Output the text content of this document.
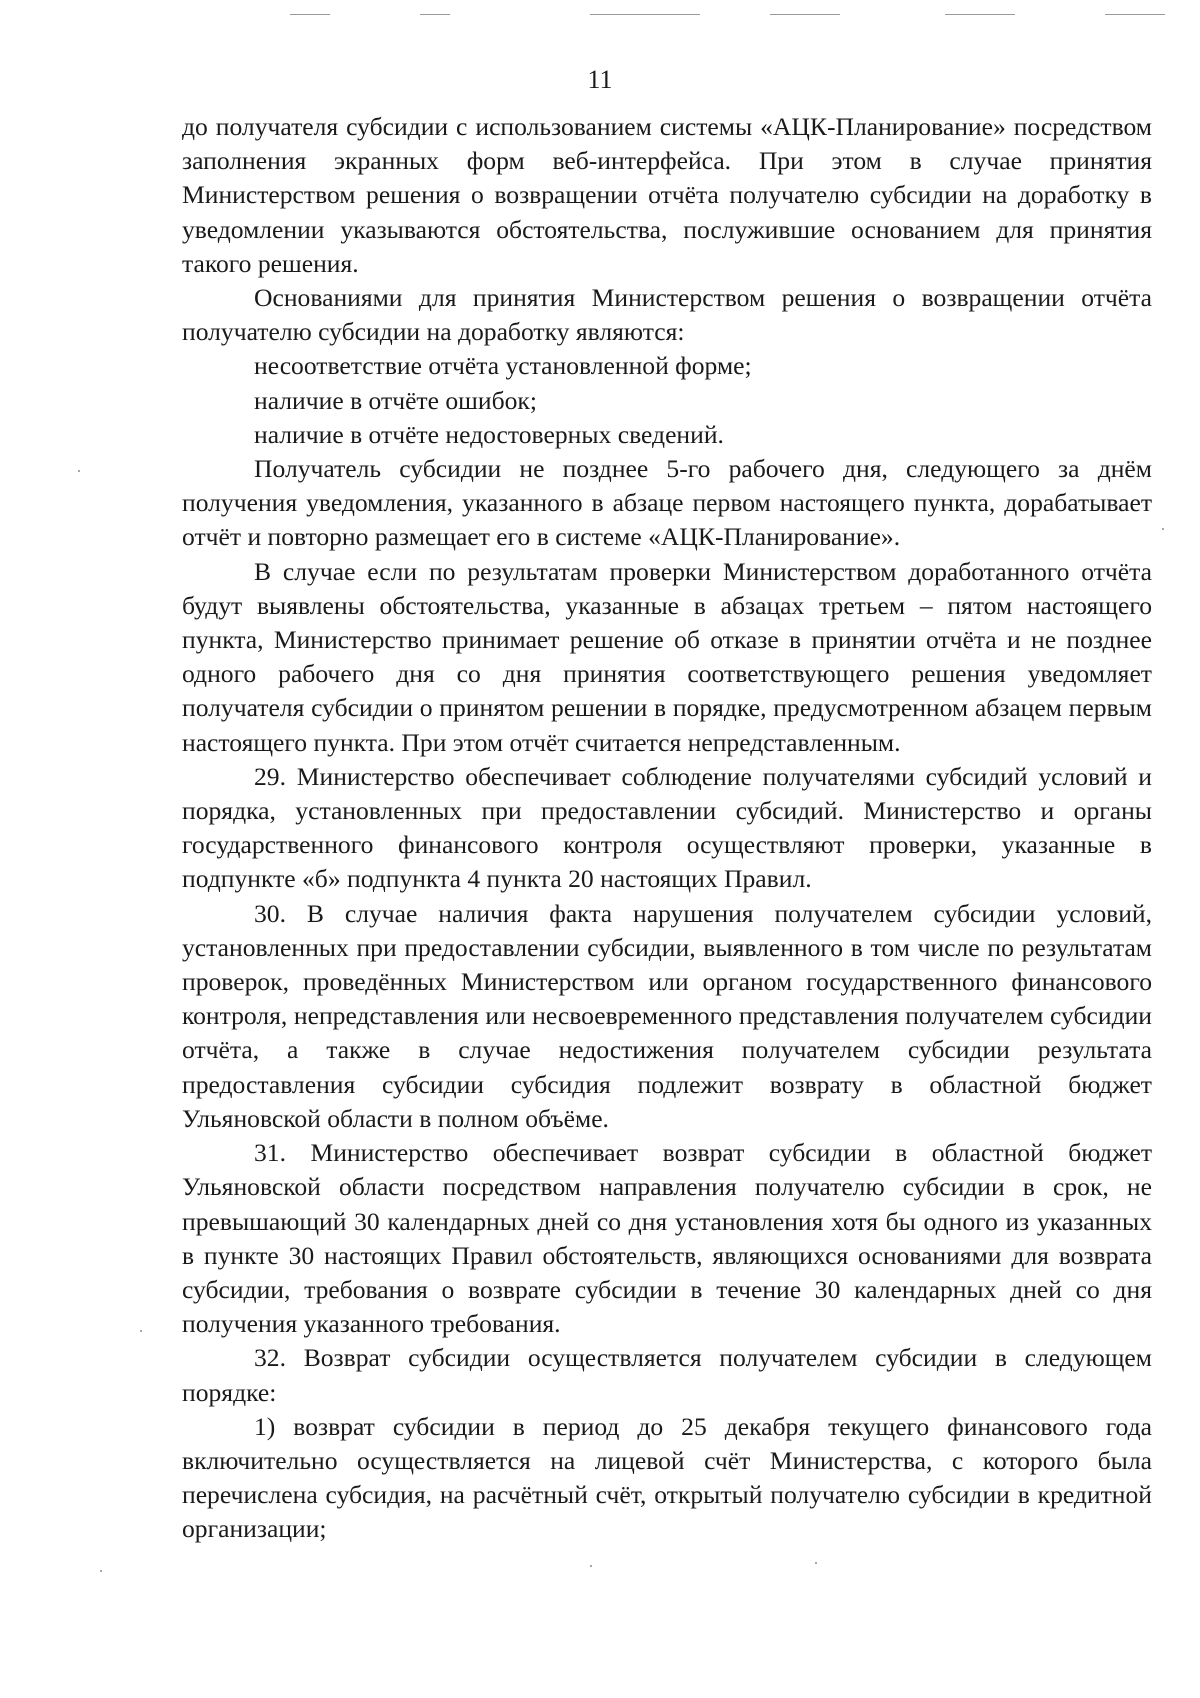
11

до получателя субсидии с использованием системы «АЦК-Планирование» посредством заполнения экранных форм веб-интерфейса. При этом в случае принятия Министерством решения о возвращении отчёта получателю субсидии на доработку в уведомлении указываются обстоятельства, послужившие основанием для принятия такого решения.

Основаниями для принятия Министерством решения о возвращении отчёта получателю субсидии на доработку являются:

несоответствие отчёта установленной форме;

наличие в отчёте ошибок;

наличие в отчёте недостоверных сведений.

Получатель субсидии не позднее 5-го рабочего дня, следующего за днём получения уведомления, указанного в абзаце первом настоящего пункта, дорабатывает отчёт и повторно размещает его в системе «АЦК-Планирование».

В случае если по результатам проверки Министерством доработанного отчёта будут выявлены обстоятельства, указанные в абзацах третьем – пятом настоящего пункта, Министерство принимает решение об отказе в принятии отчёта и не позднее одного рабочего дня со дня принятия соответствующего решения уведомляет получателя субсидии о принятом решении в порядке, предусмотренном абзацем первым настоящего пункта. При этом отчёт считается непредставленным.

29. Министерство обеспечивает соблюдение получателями субсидий условий и порядка, установленных при предоставлении субсидий. Министерство и органы государственного финансового контроля осуществляют проверки, указанные в подпункте «б» подпункта 4 пункта 20 настоящих Правил.

30. В случае наличия факта нарушения получателем субсидии условий, установленных при предоставлении субсидии, выявленного в том числе по результатам проверок, проведённых Министерством или органом государственного финансового контроля, непредставления или несвоевременного представления получателем субсидии отчёта, а также в случае недостижения получателем субсидии результата предоставления субсидии субсидия подлежит возврату в областной бюджет Ульяновской области в полном объёме.

31. Министерство обеспечивает возврат субсидии в областной бюджет Ульяновской области посредством направления получателю субсидии в срок, не превышающий 30 календарных дней со дня установления хотя бы одного из указанных в пункте 30 настоящих Правил обстоятельств, являющихся основаниями для возврата субсидии, требования о возврате субсидии в течение 30 календарных дней со дня получения указанного требования.

32. Возврат субсидии осуществляется получателем субсидии в следующем порядке:

1) возврат субсидии в период до 25 декабря текущего финансового года включительно осуществляется на лицевой счёт Министерства, с которого была перечислена субсидия, на расчётный счёт, открытый получателю субсидии в кредитной организации;
